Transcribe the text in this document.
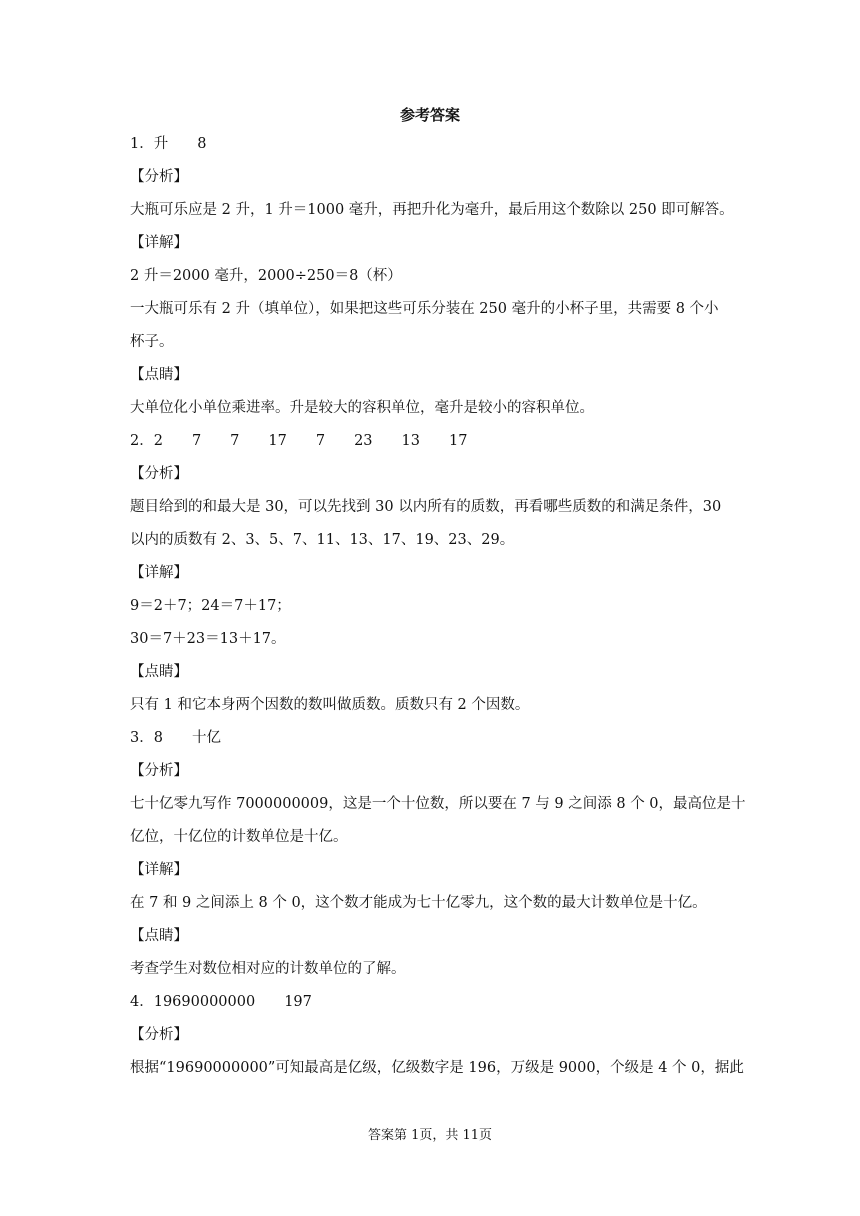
参考答案
1．升　　8
【分析】
大瓶可乐应是 2 升，1 升＝1000 毫升，再把升化为毫升，最后用这个数除以 250 即可解答。
【详解】
2 升＝2000 毫升，2000÷250＝8（杯）
一大瓶可乐有 2 升（填单位），如果把这些可乐分装在 250 毫升的小杯子里，共需要 8 个小
杯子。
【点睛】
大单位化小单位乘进率。升是较大的容积单位，毫升是较小的容积单位。
2．2　　7　　7　　17　　7　　23　　13　　17
【分析】
题目给到的和最大是 30，可以先找到 30 以内所有的质数，再看哪些质数的和满足条件，30
以内的质数有 2、3、5、7、11、13、17、19、23、29。
【详解】
9＝2＋7；24＝7＋17；
30＝7＋23＝13＋17。
【点睛】
只有 1 和它本身两个因数的数叫做质数。质数只有 2 个因数。
3．8　　十亿
【分析】
七十亿零九写作 7000000009，这是一个十位数，所以要在 7 与 9 之间添 8 个 0，最高位是十
亿位，十亿位的计数单位是十亿。
【详解】
在 7 和 9 之间添上 8 个 0，这个数才能成为七十亿零九，这个数的最大计数单位是十亿。
【点睛】
考查学生对数位相对应的计数单位的了解。
4．19690000000　　197
【分析】
根据“19690000000”可知最高是亿级，亿级数字是 196，万级是 9000，个级是 4 个 0，据此
答案第 1页，共 11页
